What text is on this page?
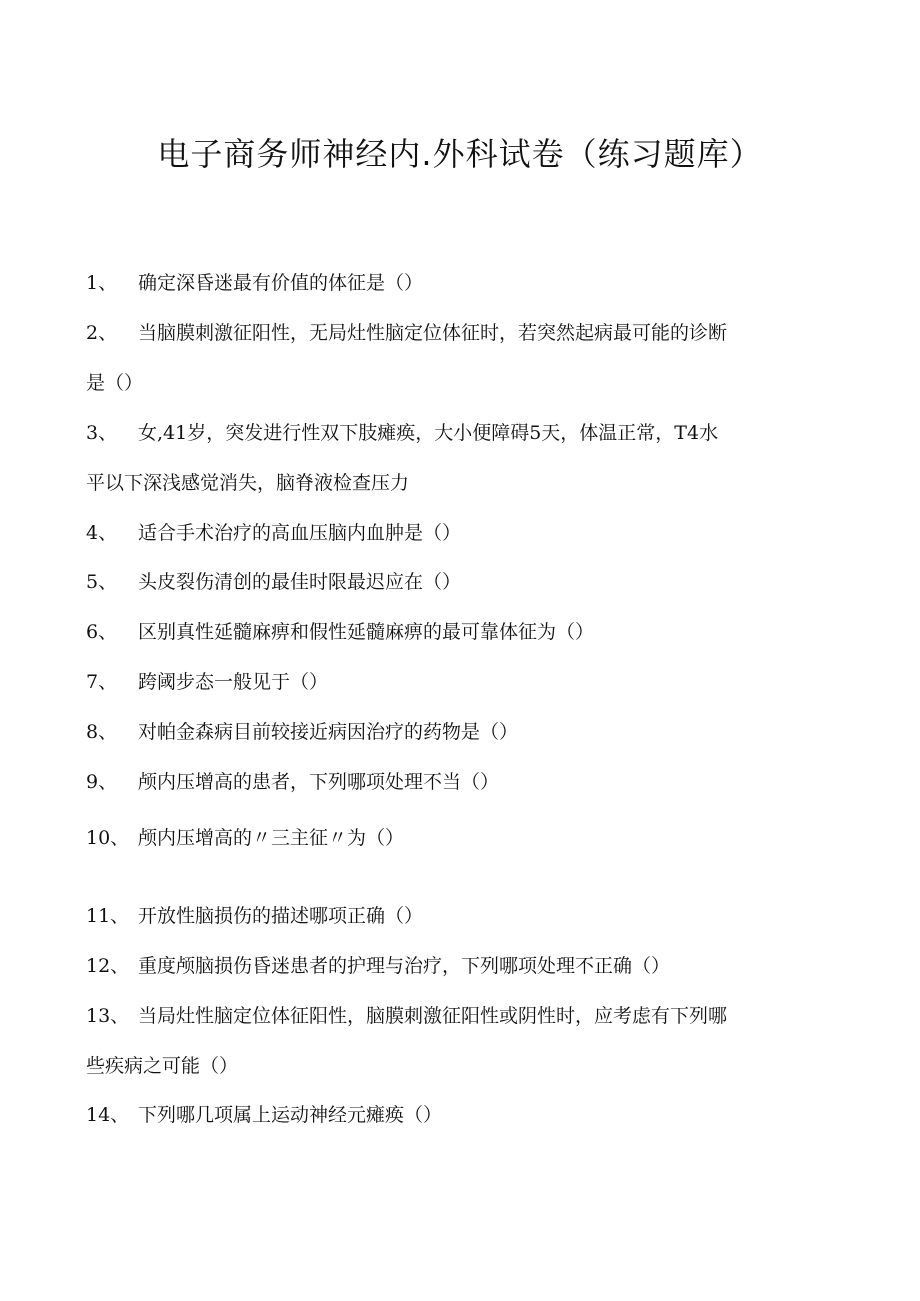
电子商务师神经内.外科试卷（练习题库）
1、 确定深昏迷最有价值的体征是（）
2、 当脑膜刺激征阳性，无局灶性脑定位体征时，若突然起病最可能的诊断
是（）
3、 女,41岁，突发进行性双下肢瘫痪，大小便障碍5天，体温正常，T4水
平以下深浅感觉消失，脑脊液检查压力
4、 适合手术治疗的高血压脑内血肿是（）
5、 头皮裂伤清创的最佳时限最迟应在（）
6、 区别真性延髓麻痹和假性延髓麻痹的最可靠体征为（）
7、 跨阈步态一般见于（）
8、 对帕金森病目前较接近病因治疗的药物是（）
9、 颅内压增高的患者，下列哪项处理不当（）
10、 颅内压增高的〃三主征〃为（）
11、 开放性脑损伤的描述哪项正确（）
12、 重度颅脑损伤昏迷患者的护理与治疗，下列哪项处理不正确（）
13、 当局灶性脑定位体征阳性，脑膜刺激征阳性或阴性时，应考虑有下列哪
些疾病之可能（）
14、 下列哪几项属上运动神经元瘫痪（）
